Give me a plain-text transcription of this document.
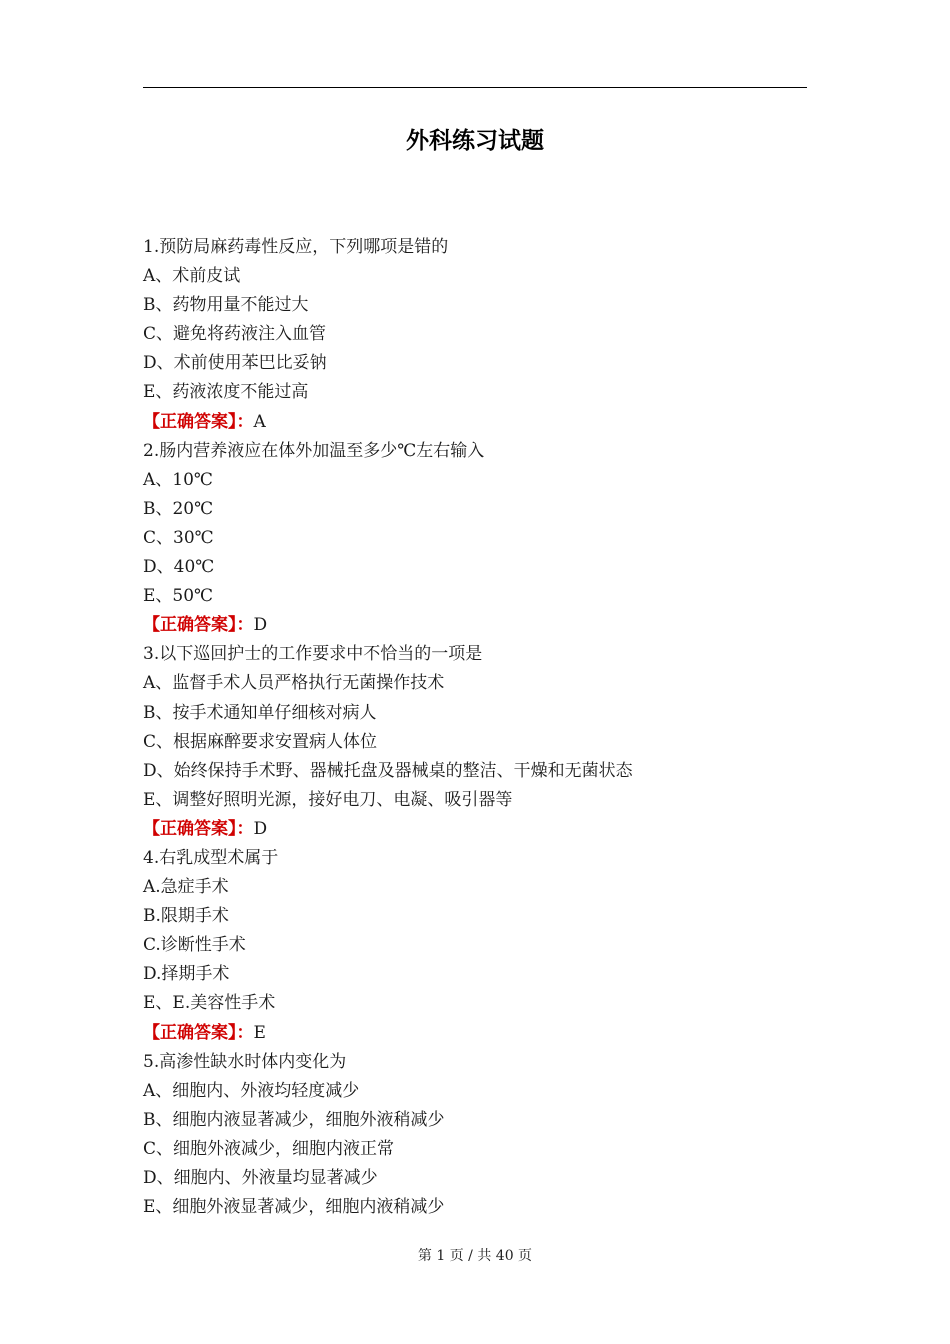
外科练习试题
1.预防局麻药毒性反应，下列哪项是错的
A、术前皮试
B、药物用量不能过大
C、避免将药液注入血管
D、术前使用苯巴比妥钠
E、药液浓度不能过高
【正确答案】：A
2.肠内营养液应在体外加温至多少℃左右输入
A、10℃
B、20℃
C、30℃
D、40℃
E、50℃
【正确答案】：D
3.以下巡回护士的工作要求中不恰当的一项是
A、监督手术人员严格执行无菌操作技术
B、按手术通知单仔细核对病人
C、根据麻醉要求安置病人体位
D、始终保持手术野、器械托盘及器械桌的整洁、干燥和无菌状态
E、调整好照明光源，接好电刀、电凝、吸引器等
【正确答案】：D
4.右乳成型术属于
A.急症手术
B.限期手术
C.诊断性手术
D.择期手术
E、E.美容性手术
【正确答案】：E
5.高渗性缺水时体内变化为
A、细胞内、外液均轻度减少
B、细胞内液显著减少，细胞外液稍减少
C、细胞外液减少，细胞内液正常
D、细胞内、外液量均显著减少
E、细胞外液显著减少，细胞内液稍减少
第 1 页 / 共 40 页
